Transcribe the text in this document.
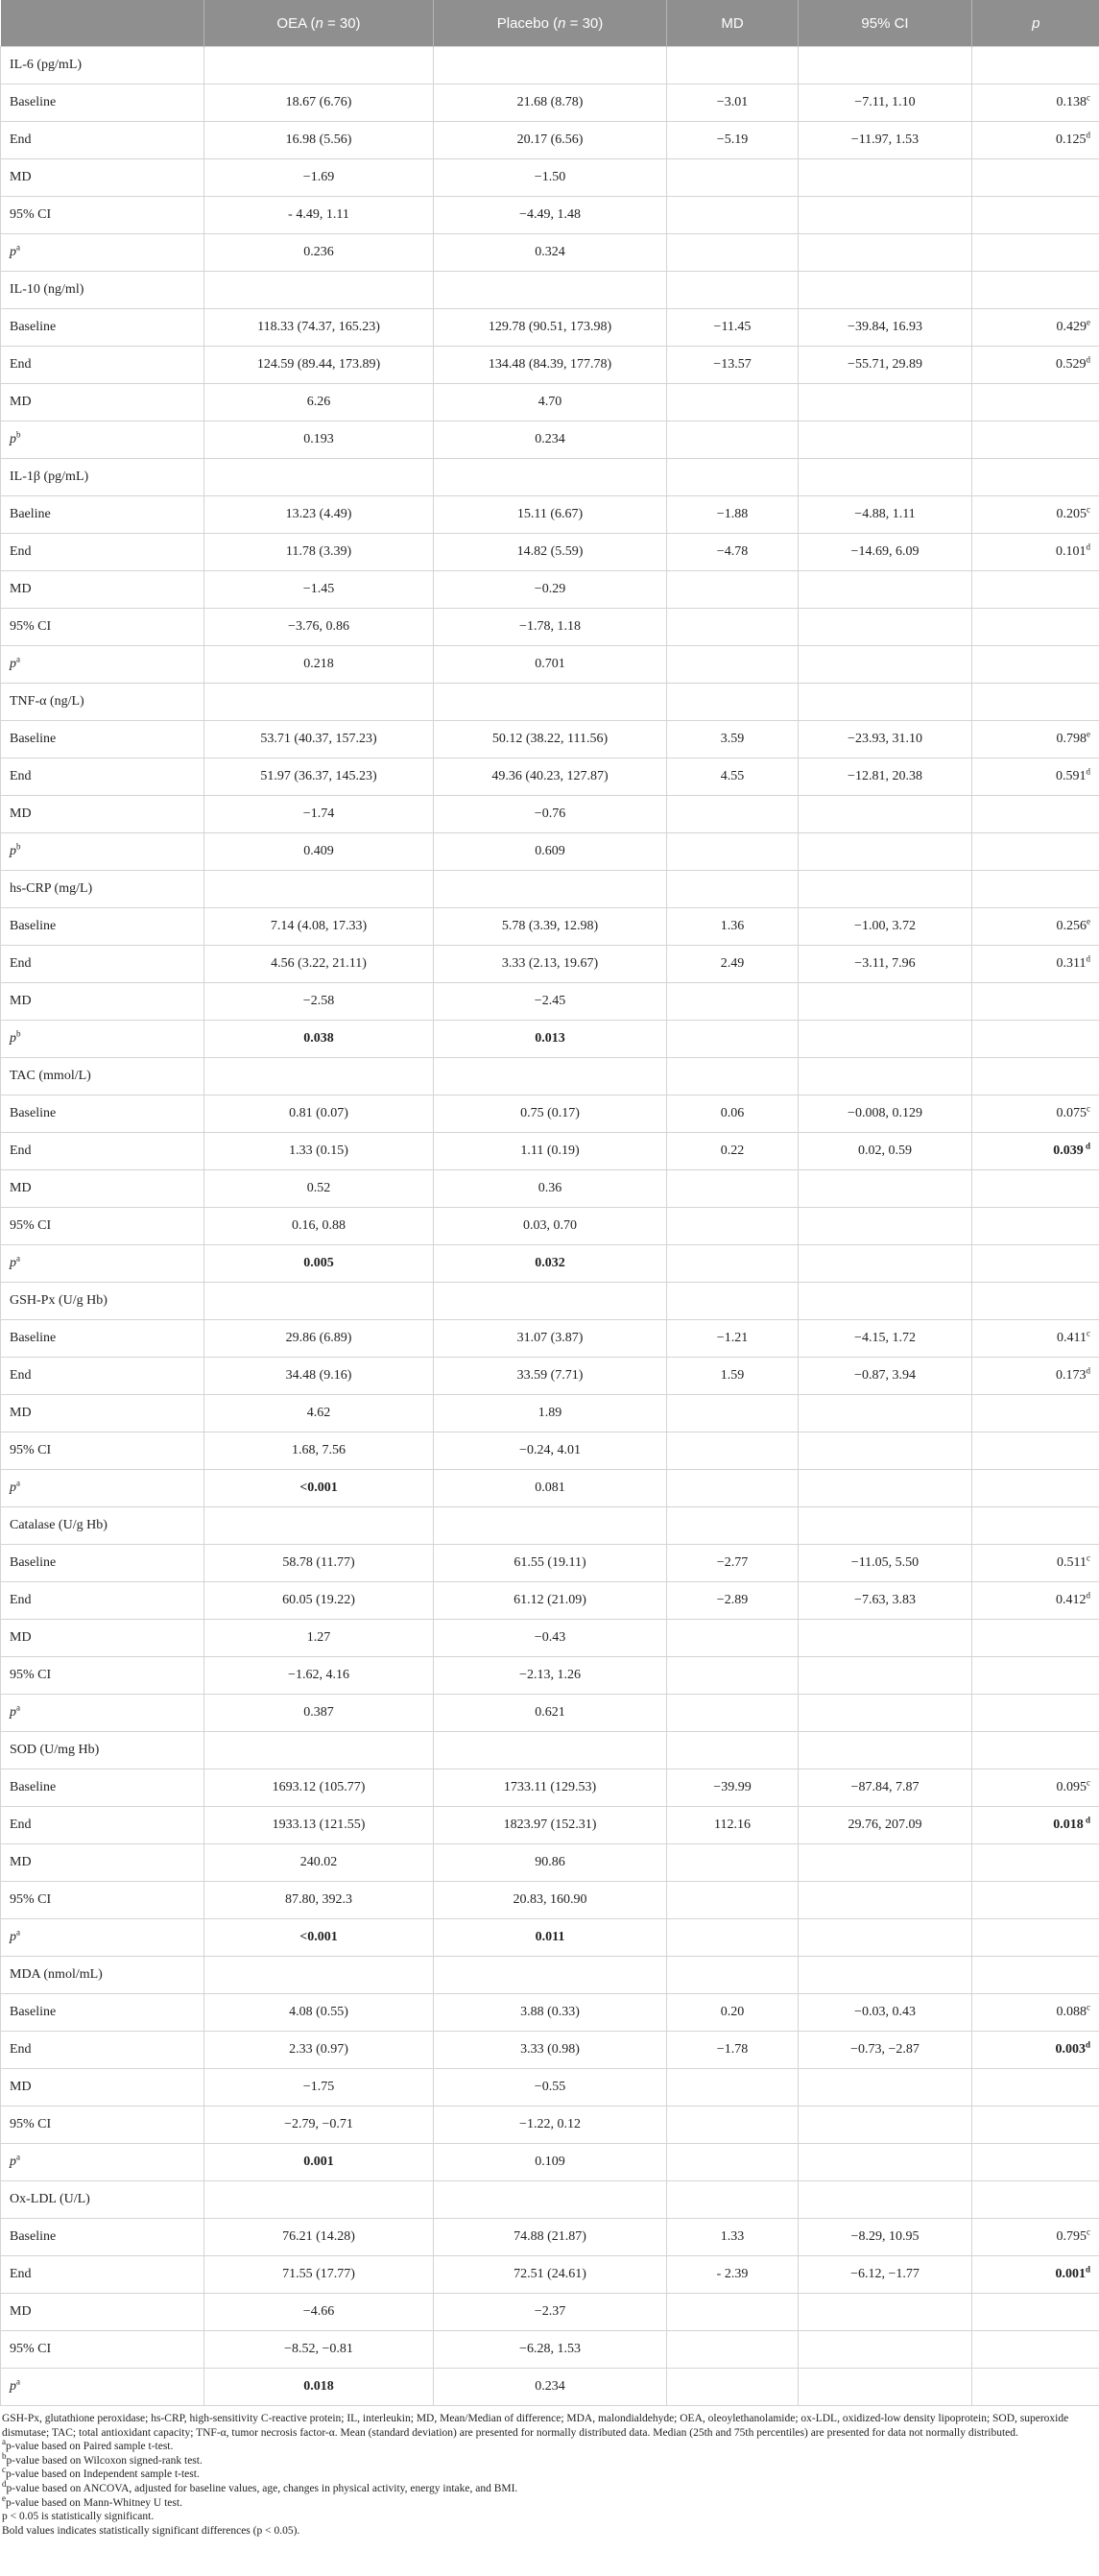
	OEA (n = 30)	Placebo (n = 30)	MD	95% CI	p
IL-6 (pg/mL)					
Baseline	18.67 (6.76)	21.68 (8.78)	−3.01	−7.11, 1.10	0.138$^c$
End	16.98 (5.56)	20.17 (6.56)	−5.19	−11.97, 1.53	0.125$^d$
MD	−1.69	−1.50			
95% CI	- 4.49, 1.11	−4.49, 1.48			
$p^a$	0.236	0.324			
IL-10 (ng/ml)					
Baseline	118.33 (74.37, 165.23)	129.78 (90.51, 173.98)	−11.45	−39.84, 16.93	0.429e
End	124.59 (89.44, 173.89)	134.48 (84.39, 177.78)	−13.57	−55.71, 29.89	0.529$^d$
MD	6.26	4.70			
$p^b$	0.193	0.234			
IL-1β (pg/mL)					
Baeline	13.23 (4.49)	15.11 (6.67)	−1.88	−4.88, 1.11	0.205$^c$
End	11.78 (3.39)	14.82 (5.59)	−4.78	−14.69, 6.09	0.101$^d$
MD	−1.45	−0.29			
95% CI	−3.76, 0.86	−1.78, 1.18			
$p^a$	0.218	0.701			
TNF-α (ng/L)					
Baseline	53.71 (40.37, 157.23)	50.12 (38.22, 111.56)	3.59	−23.93, 31.10	0.798e
End	51.97 (36.37, 145.23)	49.36 (40.23, 127.87)	4.55	−12.81, 20.38	0.591$^d$
MD	−1.74	−0.76			
$p^b$	0.409	0.609			
hs-CRP (mg/L)					
Baseline	7.14 (4.08, 17.33)	5.78 (3.39, 12.98)	1.36	−1.00, 3.72	0.256e
End	4.56 (3.22, 21.11)	3.33 (2.13, 19.67)	2.49	−3.11, 7.96	0.311$^d$
MD	−2.58	−2.45			
$p^b$	0.038	0.013			
TAC (mmol/L)					
Baseline	0.81 (0.07)	0.75 (0.17)	0.06	−0.008, 0.129	0.075$^c$
End	1.33 (0.15)	1.11 (0.19)	0.22	0.02, 0.59	0.039 $^d$
MD	0.52	0.36			
95% CI	0.16, 0.88	0.03, 0.70			
$p^a$	0.005	0.032			
GSH-Px (U/g Hb)					
Baseline	29.86 (6.89)	31.07 (3.87)	−1.21	−4.15, 1.72	0.411$^c$
End	34.48 (9.16)	33.59 (7.71)	1.59	−0.87, 3.94	0.173$^d$
MD	4.62	1.89			
95% CI	1.68, 7.56	−0.24, 4.01			
$p^a$	<0.001	0.081			
Catalase (U/g Hb)					
Baseline	58.78 (11.77)	61.55 (19.11)	−2.77	−11.05, 5.50	0.511$^c$
End	60.05 (19.22)	61.12 (21.09)	−2.89	−7.63, 3.83	0.412$^d$
MD	1.27	−0.43			
95% CI	−1.62, 4.16	−2.13, 1.26			
$p^a$	0.387	0.621			
SOD (U/mg Hb)					
Baseline	1693.12 (105.77)	1733.11 (129.53)	−39.99	−87.84, 7.87	0.095$^c$
End	1933.13 (121.55)	1823.97 (152.31)	112.16	29.76, 207.09	0.018 $^d$
MD	240.02	90.86			
95% CI	87.80, 392.3	20.83, 160.90			
$p^a$	<0.001	0.011			
MDA (nmol/mL)					
Baseline	4.08 (0.55)	3.88 (0.33)	0.20	−0.03, 0.43	0.088$^c$
End	2.33 (0.97)	3.33 (0.98)	−1.78	−0.73, −2.87	0.003$^d$
MD	−1.75	−0.55			
95% CI	−2.79, −0.71	−1.22, 0.12			
$p^a$	0.001	0.109			
Ox-LDL (U/L)					
Baseline	76.21 (14.28)	74.88 (21.87)	1.33	−8.29, 10.95	0.795$^c$
End	71.55 (17.77)	72.51 (24.61)	- 2.39	−6.12, −1.77	0.001$^d$
MD	−4.66	−2.37			
95% CI	−8.52, −0.81	−6.28, 1.53			
$p^a$	0.018	0.234			

GSH-Px, glutathione peroxidase; hs-CRP, high-sensitivity C-reactive protein; IL, interleukin; MD, Mean/Median of difference; MDA, malondialdehyde; OEA, oleoylethanolamide; ox-LDL, oxidized-low density lipoprotein; SOD, superoxide dismutase; TAC; total antioxidant capacity; TNF-α, tumor necrosis factor-α. Mean (standard deviation) are presented for normally distributed data. Median (25th and 75th percentiles) are presented for data not normally distributed.

$^a$p-value based on Paired sample t-test.

$^b$p-value based on Wilcoxon signed-rank test.

$^c$p-value based on Independent sample t-test.

$^d$p-value based on ANCOVA, adjusted for baseline values, age, changes in physical activity, energy intake, and BMI.

$^e$p-value based on Mann-Whitney U test.

p < 0.05 is statistically significant.

Bold values indicates statistically significant differences (p < 0.05).
